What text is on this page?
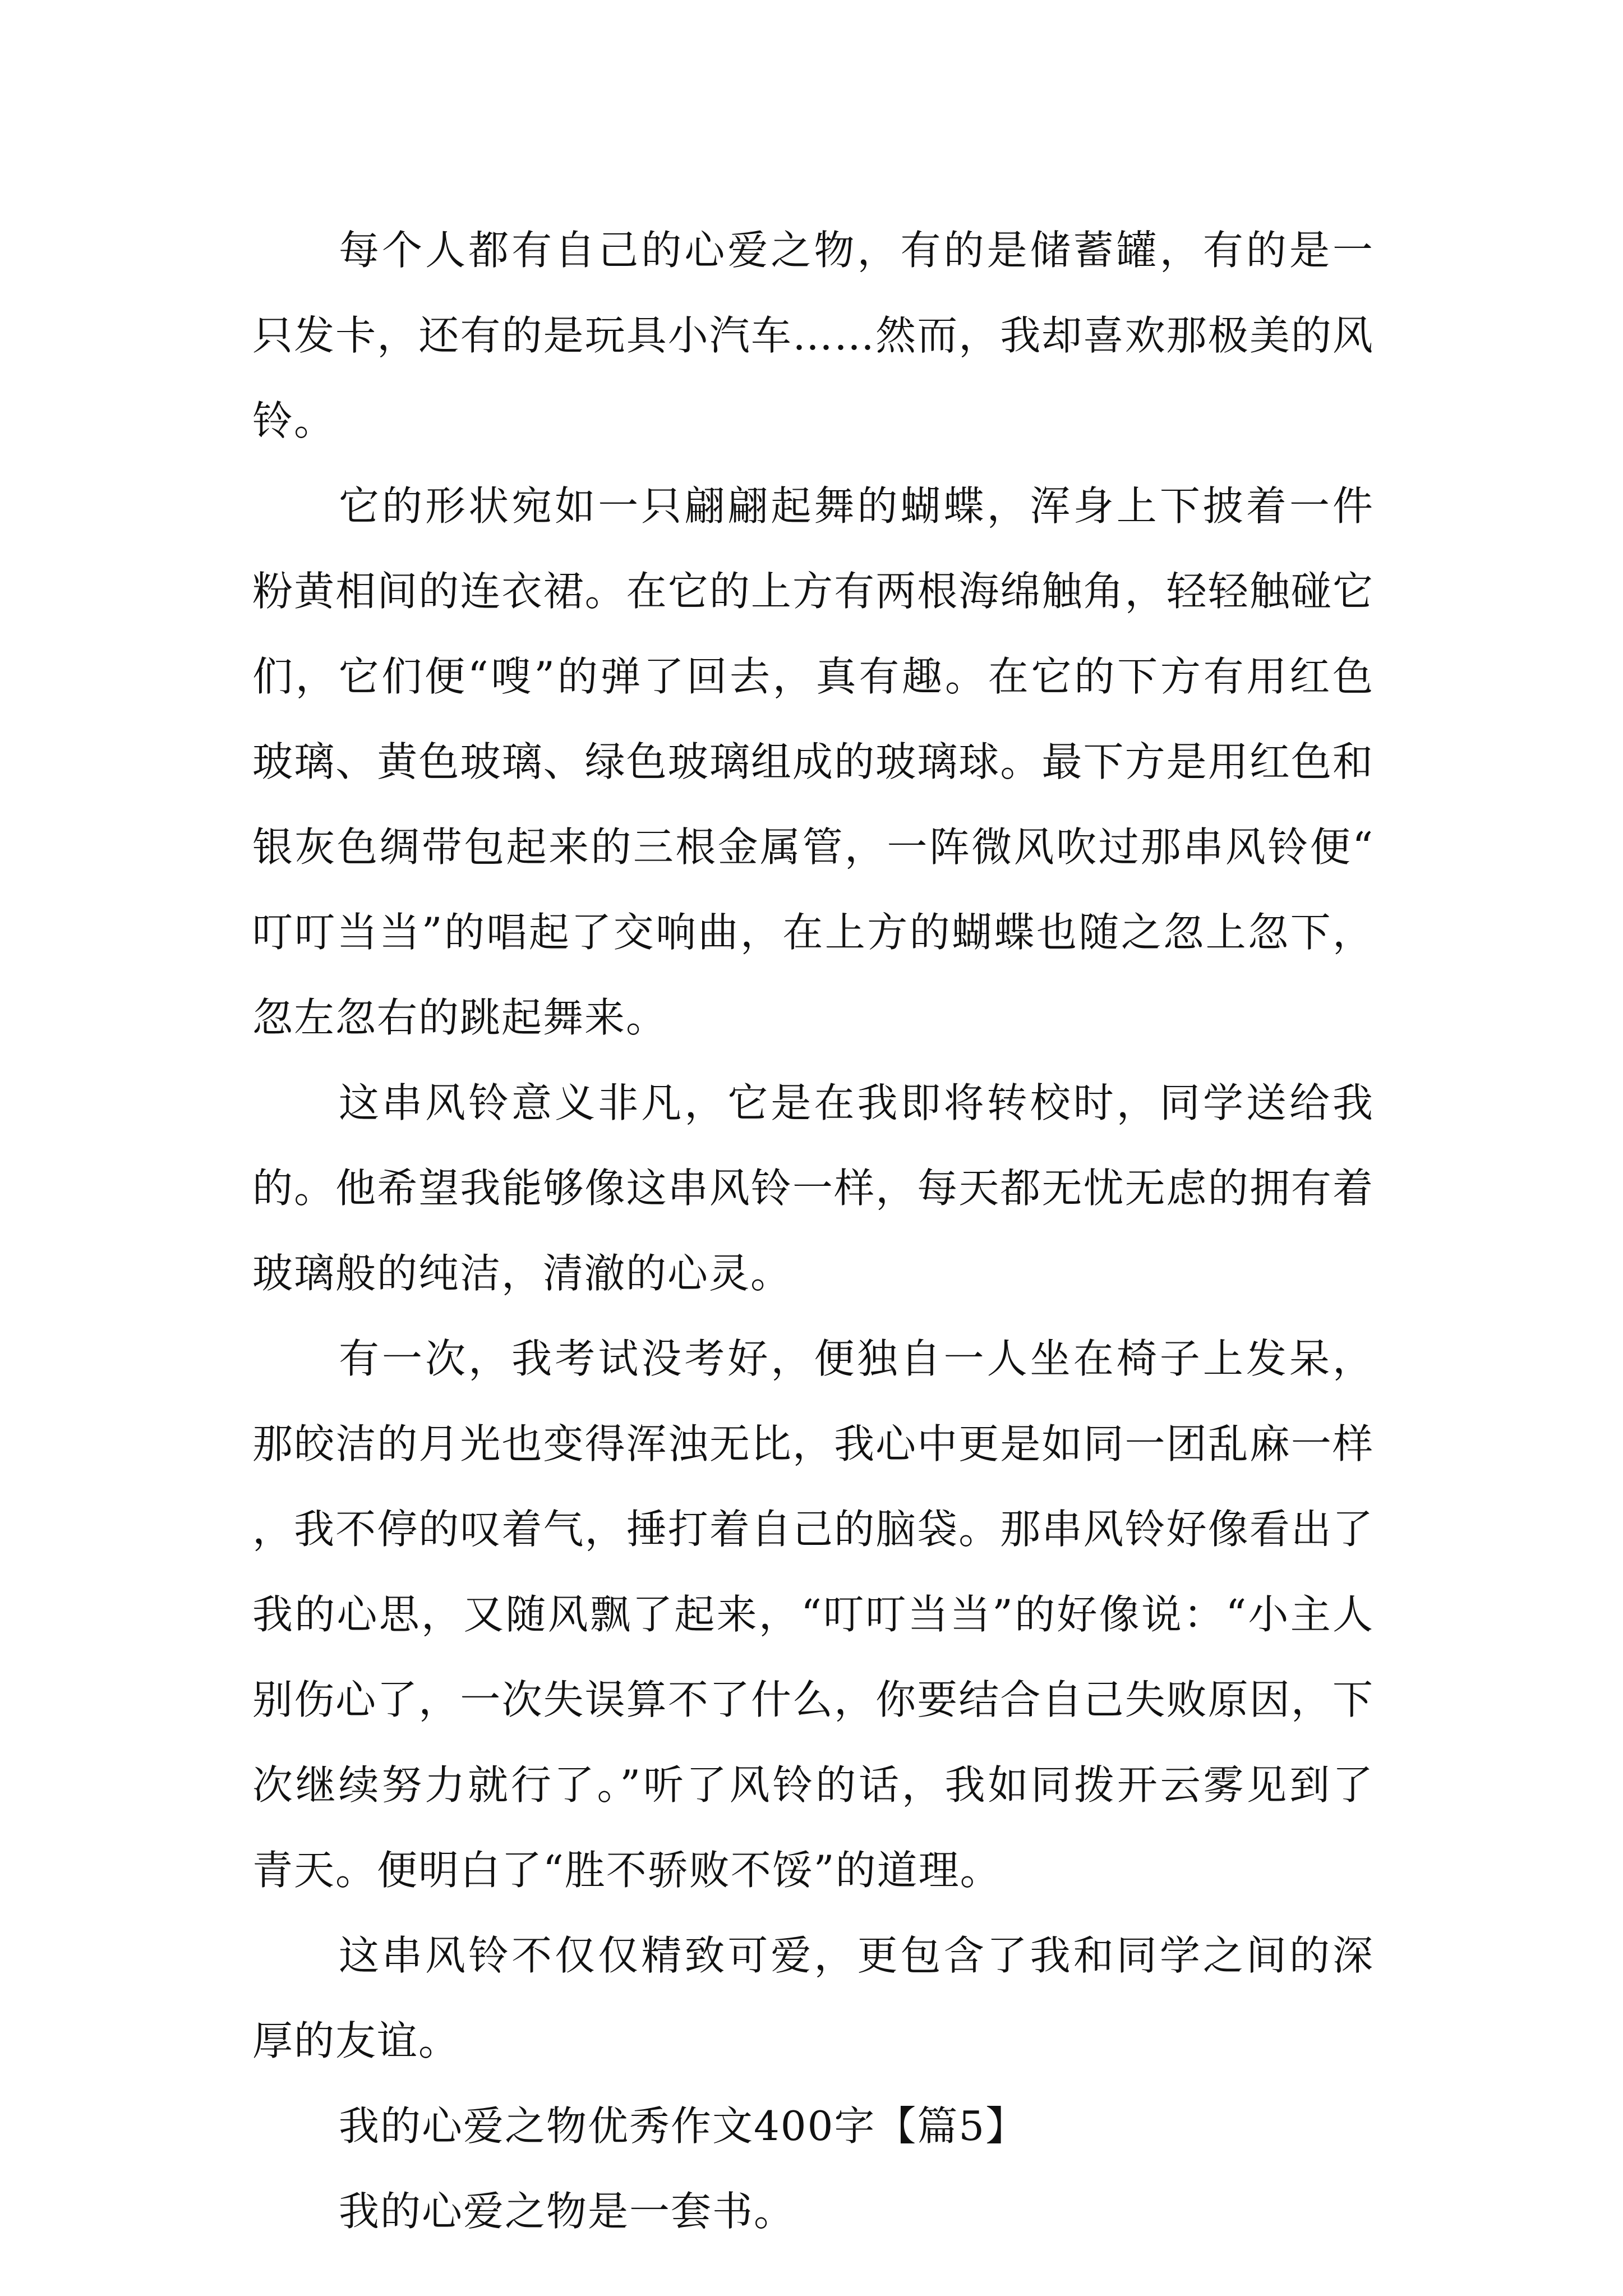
每个人都有自己的心爱之物，有的是储蓄罐，有的是一只发卡，还有的是玩具小汽车……然而，我却喜欢那极美的风铃。

它的形状宛如一只翩翩起舞的蝴蝶，浑身上下披着一件粉黄相间的连衣裙。在它的上方有两根海绵触角，轻轻触碰它们，它们便“嗖”的弹了回去，真有趣。在它的下方有用红色玻璃、黄色玻璃、绿色玻璃组成的玻璃球。最下方是用红色和银灰色绸带包起来的三根金属管，一阵微风吹过那串风铃便“叮叮当当”的唱起了交响曲，在上方的蝴蝶也随之忽上忽下，忽左忽右的跳起舞来。

这串风铃意义非凡，它是在我即将转校时，同学送给我的。他希望我能够像这串风铃一样，每天都无忧无虑的拥有着玻璃般的纯洁，清澈的心灵。

有一次，我考试没考好，便独自一人坐在椅子上发呆，那皎洁的月光也变得浑浊无比，我心中更是如同一团乱麻一样，我不停的叹着气，捶打着自己的脑袋。那串风铃好像看出了我的心思，又随风飘了起来，“叮叮当当”的好像说：“小主人别伤心了，一次失误算不了什么，你要结合自己失败原因，下次继续努力就行了。”听了风铃的话，我如同拨开云雾见到了青天。便明白了“胜不骄败不馁”的道理。

这串风铃不仅仅精致可爱，更包含了我和同学之间的深厚的友谊。

我的心爱之物优秀作文400字【篇5】

我的心爱之物是一套书。
